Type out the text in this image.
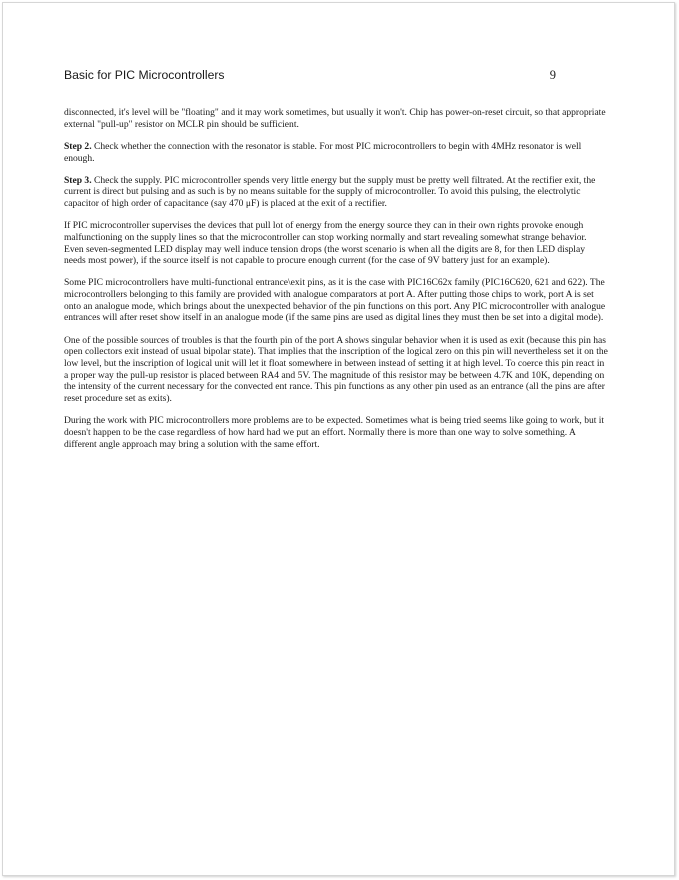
Basic for PIC Microcontrollers	9

disconnected, it's level will be "floating" and it may work sometimes, but usually it won't. Chip has power-on-reset circuit, so that appropriate external "pull-up" resistor on MCLR pin should be sufficient.

Step 2. Check whether the connection with the resonator is stable. For most PIC microcontrollers to begin with 4MHz resonator is well enough.

Step 3. Check the supply. PIC microcontroller spends very little energy but the supply must be pretty well filtrated. At the rectifier exit, the current is direct but pulsing and as such is by no means suitable for the supply of microcontroller. To avoid this pulsing, the electrolytic capacitor of high order of capacitance (say 470 μF) is placed at the exit of a rectifier.

If PIC microcontroller supervises the devices that pull lot of energy from the energy source they can in their own rights provoke enough malfunctioning on the supply lines so that the microcontroller can stop working normally and start revealing somewhat strange behavior. Even seven-segmented LED display may well induce tension drops (the worst scenario is when all the digits are 8, for then LED display needs most power), if the source itself is not capable to procure enough current (for the case of 9V battery just for an example).

Some PIC microcontrollers have multi-functional entrance\exit pins, as it is the case with PIC16C62x family (PIC16C620, 621 and 622). The microcontrollers belonging to this family are provided with analogue comparators at port A. After putting those chips to work, port A is set onto an analogue mode, which brings about the unexpected behavior of the pin functions on this port. Any PIC microcontroller with analogue entrances will after reset show itself in an analogue mode (if the same pins are used as digital lines they must then be set into a digital mode).

One of the possible sources of troubles is that the fourth pin of the port A shows singular behavior when it is used as exit (because this pin has open collectors exit instead of usual bipolar state). That implies that the inscription of the logical zero on this pin will nevertheless set it on the low level, but the inscription of logical unit will let it float somewhere in between instead of setting it at high level. To coerce this pin react in a proper way the pull-up resistor is placed between RA4 and 5V. The magnitude of this resistor may be between 4.7K and 10K, depending on the intensity of the current necessary for the convected ent rance. This pin functions as any other pin used as an entrance (all the pins are after reset procedure set as exits).

During the work with PIC microcontrollers more problems are to be expected. Sometimes what is being tried seems like going to work, but it doesn't happen to be the case regardless of how hard had we put an effort. Normally there is more than one way to solve something. A different angle approach may bring a solution with the same effort.
